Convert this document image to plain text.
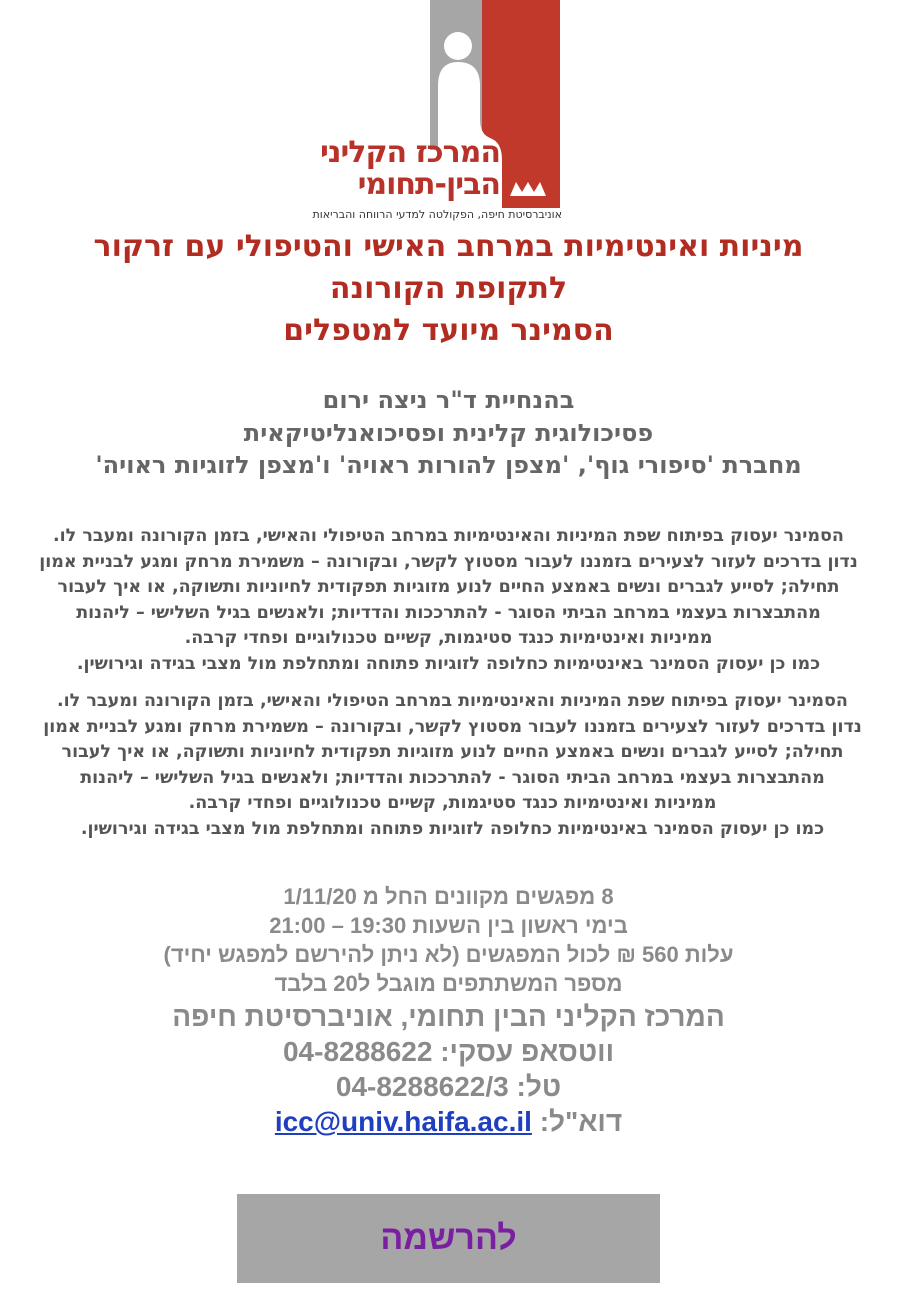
המרכז הקליני
הבין-תחומי
אוניברסיטת חיפה, הפקולטה למדעי הרווחה והבריאות

מיניות ואינטימיות במרחב האישי והטיפולי עם זרקור

לתקופת הקורונה

הסמינר מיועד למטפלים

בהנחיית ד"ר ניצה ירום

פסיכולוגית קלינית ופסיכואנליטיקאית

מחברת 'סיפורי גוף', 'מצפן להורות ראויה' ו'מצפן לזוגיות ראויה'

הסמינר יעסוק בפיתוח שפת המיניות והאינטימיות במרחב הטיפולי והאישי, בזמן הקורונה ומעבר לו.
נדון בדרכים לעזור לצעירים בזמננו לעבור מסטוץ לקשר, ובקורונה – משמירת מרחק ומגע לבניית אמון
תחילה; לסייע לגברים ונשים באמצע החיים לנוע מזוגיות תפקודית לחיוניות ותשוקה, או איך לעבור
מהתבצרות בעצמי במרחב הביתי הסוגר - להתרככות והדדיות; ולאנשים בגיל השלישי – ליהנות
ממיניות ואינטימיות כנגד סטיגמות, קשיים טכנולוגיים ופחדי קרבה.
כמו כן יעסוק הסמינר באינטימיות כחלופה לזוגיות פתוחה ומתחלפת מול מצבי בגידה וגירושין.
הסמינר יעסוק בפיתוח שפת המיניות והאינטימיות במרחב הטיפולי והאישי, בזמן הקורונה ומעבר לו.
נדון בדרכים לעזור לצעירים בזמננו לעבור מסטוץ לקשר, ובקורונה – משמירת מרחק ומגע לבניית אמון
תחילה; לסייע לגברים ונשים באמצע החיים לנוע מזוגיות תפקודית לחיוניות ותשוקה, או איך לעבור
מהתבצרות בעצמי במרחב הביתי הסוגר - להתרככות והדדיות; ולאנשים בגיל השלישי – ליהנות
ממיניות ואינטימיות כנגד סטיגמות, קשיים טכנולוגיים ופחדי קרבה.
כמו כן יעסוק הסמינר באינטימיות כחלופה לזוגיות פתוחה ומתחלפת מול מצבי בגידה וגירושין.

8 מפגשים מקוונים החל מ 1/11/20

בימי ראשון בין השעות 19:30 – 21:00

עלות 560 ₪ לכול המפגשים (לא ניתן להירשם למפגש יחיד)

מספר המשתתפים מוגבל ל20 בלבד

המרכז הקליני הבין תחומי, אוניברסיטת חיפה

ווטסאפ עסקי: 04-8288622

טל: 04-8288622/3

דוא"ל: icc@univ.haifa.ac.il

להרשמה
